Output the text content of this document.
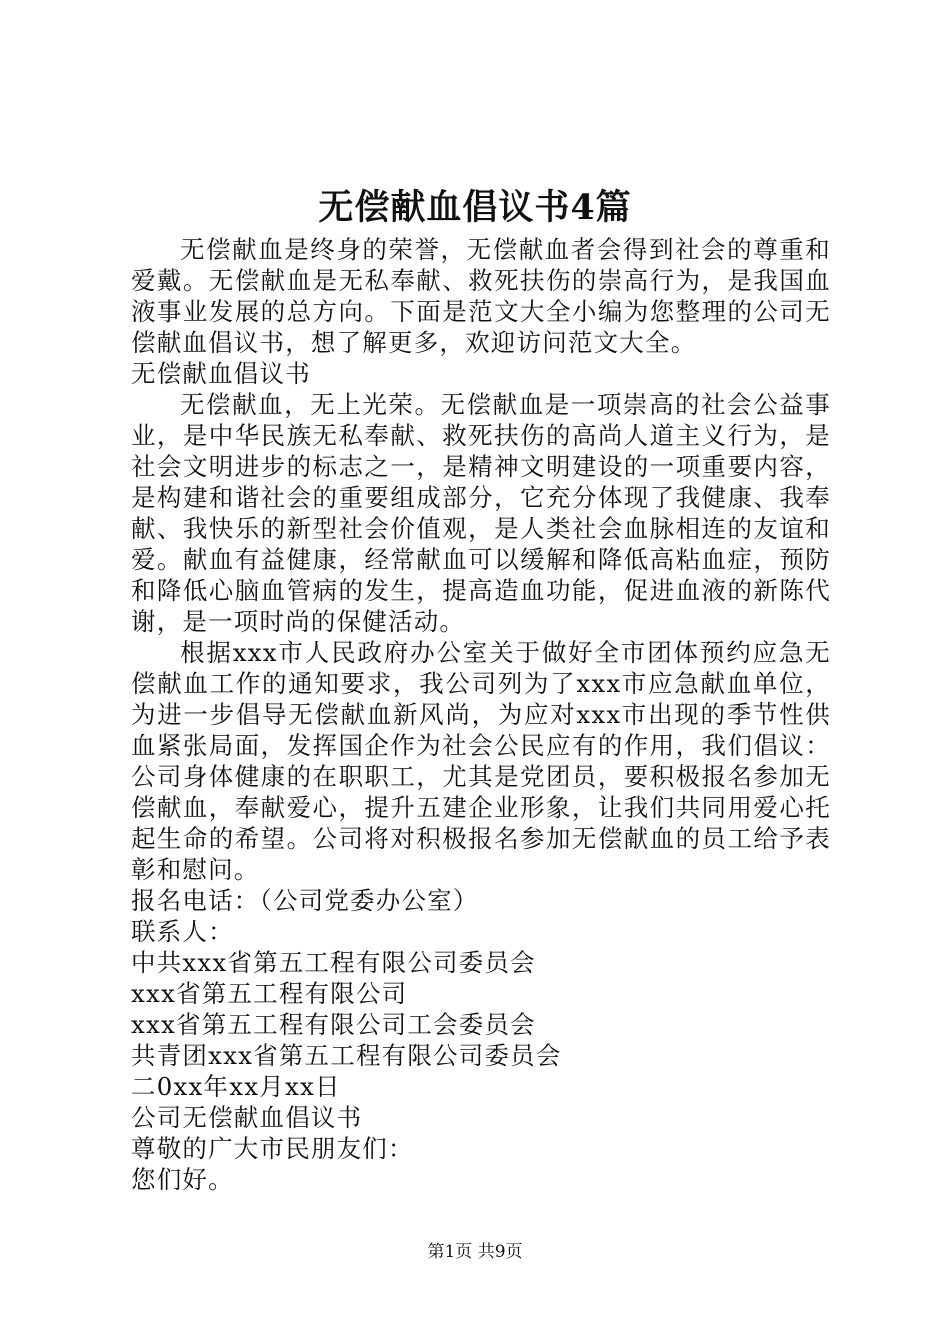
无偿献血倡议书4篇

无偿献血是终身的荣誉，无偿献血者会得到社会的尊重和爱戴。无偿献血是无私奉献、救死扶伤的崇高行为，是我国血液事业发展的总方向。下面是范文大全小编为您整理的公司无偿献血倡议书，想了解更多，欢迎访问范文大全。

无偿献血倡议书

无偿献血，无上光荣。无偿献血是一项崇高的社会公益事业，是中华民族无私奉献、救死扶伤的高尚人道主义行为，是社会文明进步的标志之一，是精神文明建设的一项重要内容，是构建和谐社会的重要组成部分，它充分体现了我健康、我奉献、我快乐的新型社会价值观，是人类社会血脉相连的友谊和爱。献血有益健康，经常献血可以缓解和降低高粘血症，预防和降低心脑血管病的发生，提高造血功能，促进血液的新陈代谢，是一项时尚的保健活动。

根据xxx市人民政府办公室关于做好全市团体预约应急无偿献血工作的通知要求，我公司列为了xxx市应急献血单位，为进一步倡导无偿献血新风尚，为应对xxx市出现的季节性供血紧张局面，发挥国企作为社会公民应有的作用，我们倡议：公司身体健康的在职职工，尤其是党团员，要积极报名参加无偿献血，奉献爱心，提升五建企业形象，让我们共同用爱心托起生命的希望。公司将对积极报名参加无偿献血的员工给予表彰和慰问。

报名电话：（公司党委办公室）

联系人：

中共xxx省第五工程有限公司委员会

xxx省第五工程有限公司

xxx省第五工程有限公司工会委员会

共青团xxx省第五工程有限公司委员会

二0xx年xx月xx日

公司无偿献血倡议书

尊敬的广大市民朋友们：

您们好。

第1页 共9页
